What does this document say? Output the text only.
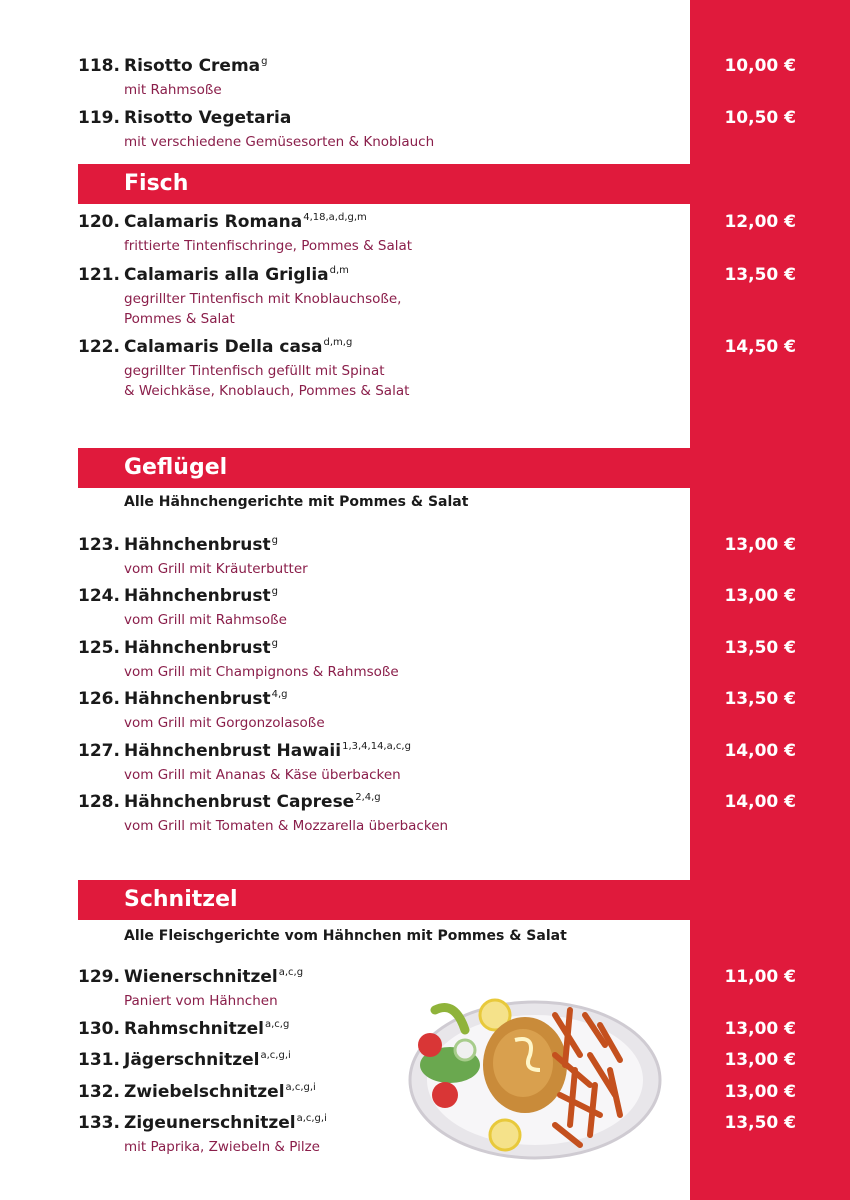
118. Risotto Crema$^g$
mit Rahmsoße
10,00 €
119. Risotto Vegetaria
mit verschiedene Gemüsesorten & Knoblauch
10,50 €
Fisch
120. Calamaris Romana$^{4,18,a,d,g,m}$
frittierte Tintenfischringe, Pommes & Salat
12,00 €
121. Calamaris alla Griglia$^{d,m}$
gegrillter Tintenfisch mit Knoblauchsoße,
Pommes & Salat
13,50 €
122. Calamaris Della casa$^{d,m,g}$
gegrillter Tintenfisch gefüllt mit Spinat
& Weichkäse, Knoblauch, Pommes & Salat
14,50 €
Geflügel
Alle Hähnchengerichte mit Pommes & Salat
123. Hähnchenbrust$^g$
vom Grill mit Kräuterbutter
13,00 €
124. Hähnchenbrust$^g$
vom Grill mit Rahmsoße
13,00 €
125. Hähnchenbrust$^g$
vom Grill mit Champignons & Rahmsoße
13,50 €
126. Hähnchenbrust$^{4,g}$
vom Grill mit Gorgonzolasoße
13,50 €
127. Hähnchenbrust Hawaii$^{1,3,4,14,a,c,g}$
vom Grill mit Ananas & Käse überbacken
14,00 €
128. Hähnchenbrust Caprese$^{2,4,g}$
vom Grill mit Tomaten & Mozzarella überbacken
14,00 €
Schnitzel
Alle Fleischgerichte vom Hähnchen mit Pommes & Salat
129. Wienerschnitzel$^{a,c,g}$
Paniert vom Hähnchen
11,00 €
130. Rahmschnitzel$^{a,c,g}$	13,00 €
131. Jägerschnitzel$^{a,c,g,i}$	13,00 €
132. Zwiebelschnitzel$^{a,c,g,i}$	13,00 €
133. Zigeunerschnitzel$^{a,c,g,i}$
mit Paprika, Zwiebeln & Pilze
13,50 €
